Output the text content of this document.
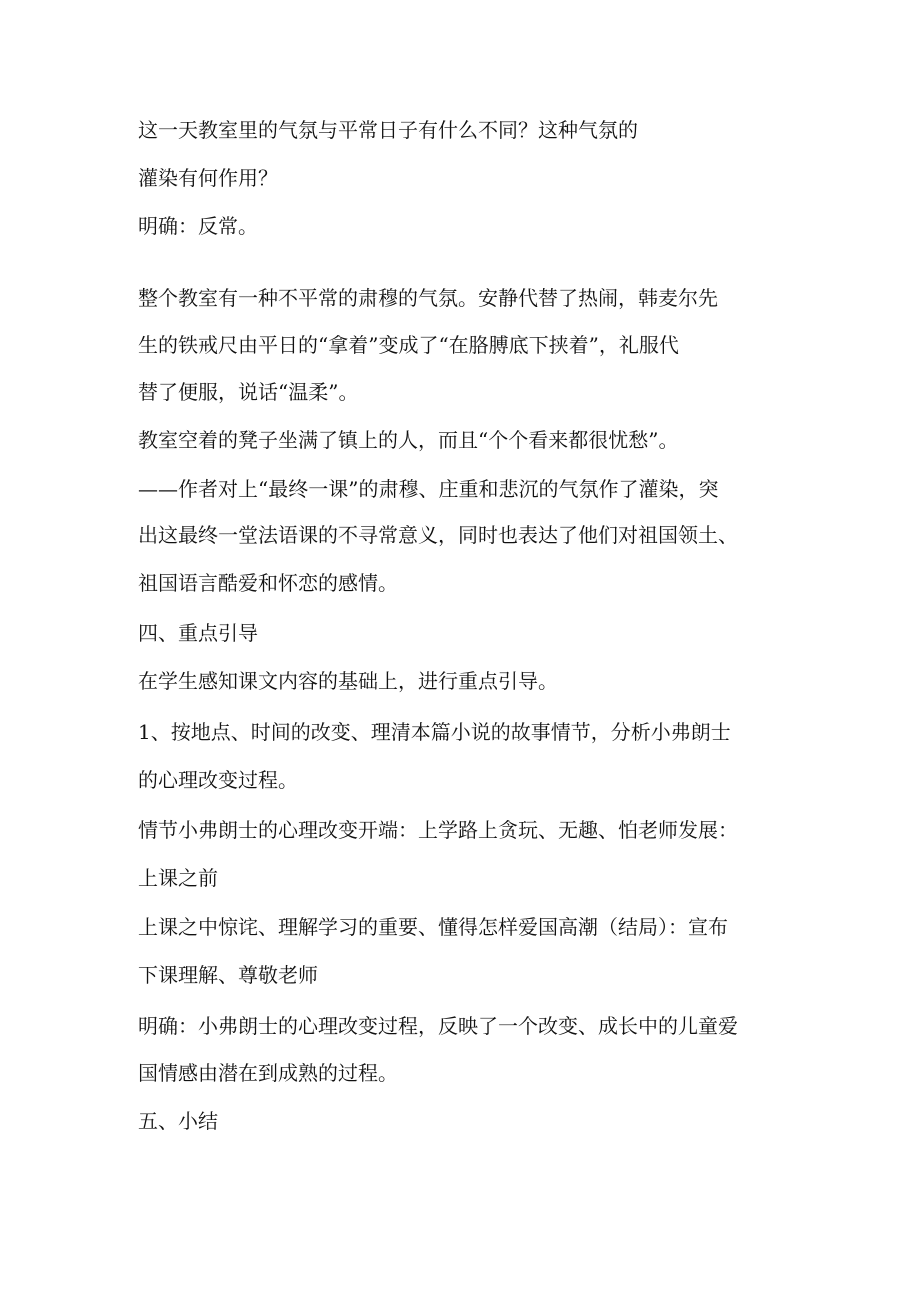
这一天教室里的气氛与平常日子有什么不同？这种气氛的
灌染有何作用？
明确：反常。
整个教室有一种不平常的肃穆的气氛。安静代替了热闹，韩麦尔先
生的铁戒尺由平日的“拿着”变成了“在胳膊底下挟着”，礼服代
替了便服，说话“温柔”。
教室空着的凳子坐满了镇上的人，而且“个个看来都很忧愁”。
——作者对上“最终一课”的肃穆、庄重和悲沉的气氛作了灌染，突
出这最终一堂法语课的不寻常意义，同时也表达了他们对祖国领土、
祖国语言酷爱和怀恋的感情。
四、重点引导
在学生感知课文内容的基础上，进行重点引导。
1、按地点、时间的改变、理清本篇小说的故事情节，分析小弗朗士
的心理改变过程。
情节小弗朗士的心理改变开端：上学路上贪玩、无趣、怕老师发展：
上课之前
上课之中惊诧、理解学习的重要、懂得怎样爱国高潮（结局）：宣布
下课理解、尊敬老师
明确：小弗朗士的心理改变过程，反映了一个改变、成长中的儿童爱
国情感由潜在到成熟的过程。
五、小结
